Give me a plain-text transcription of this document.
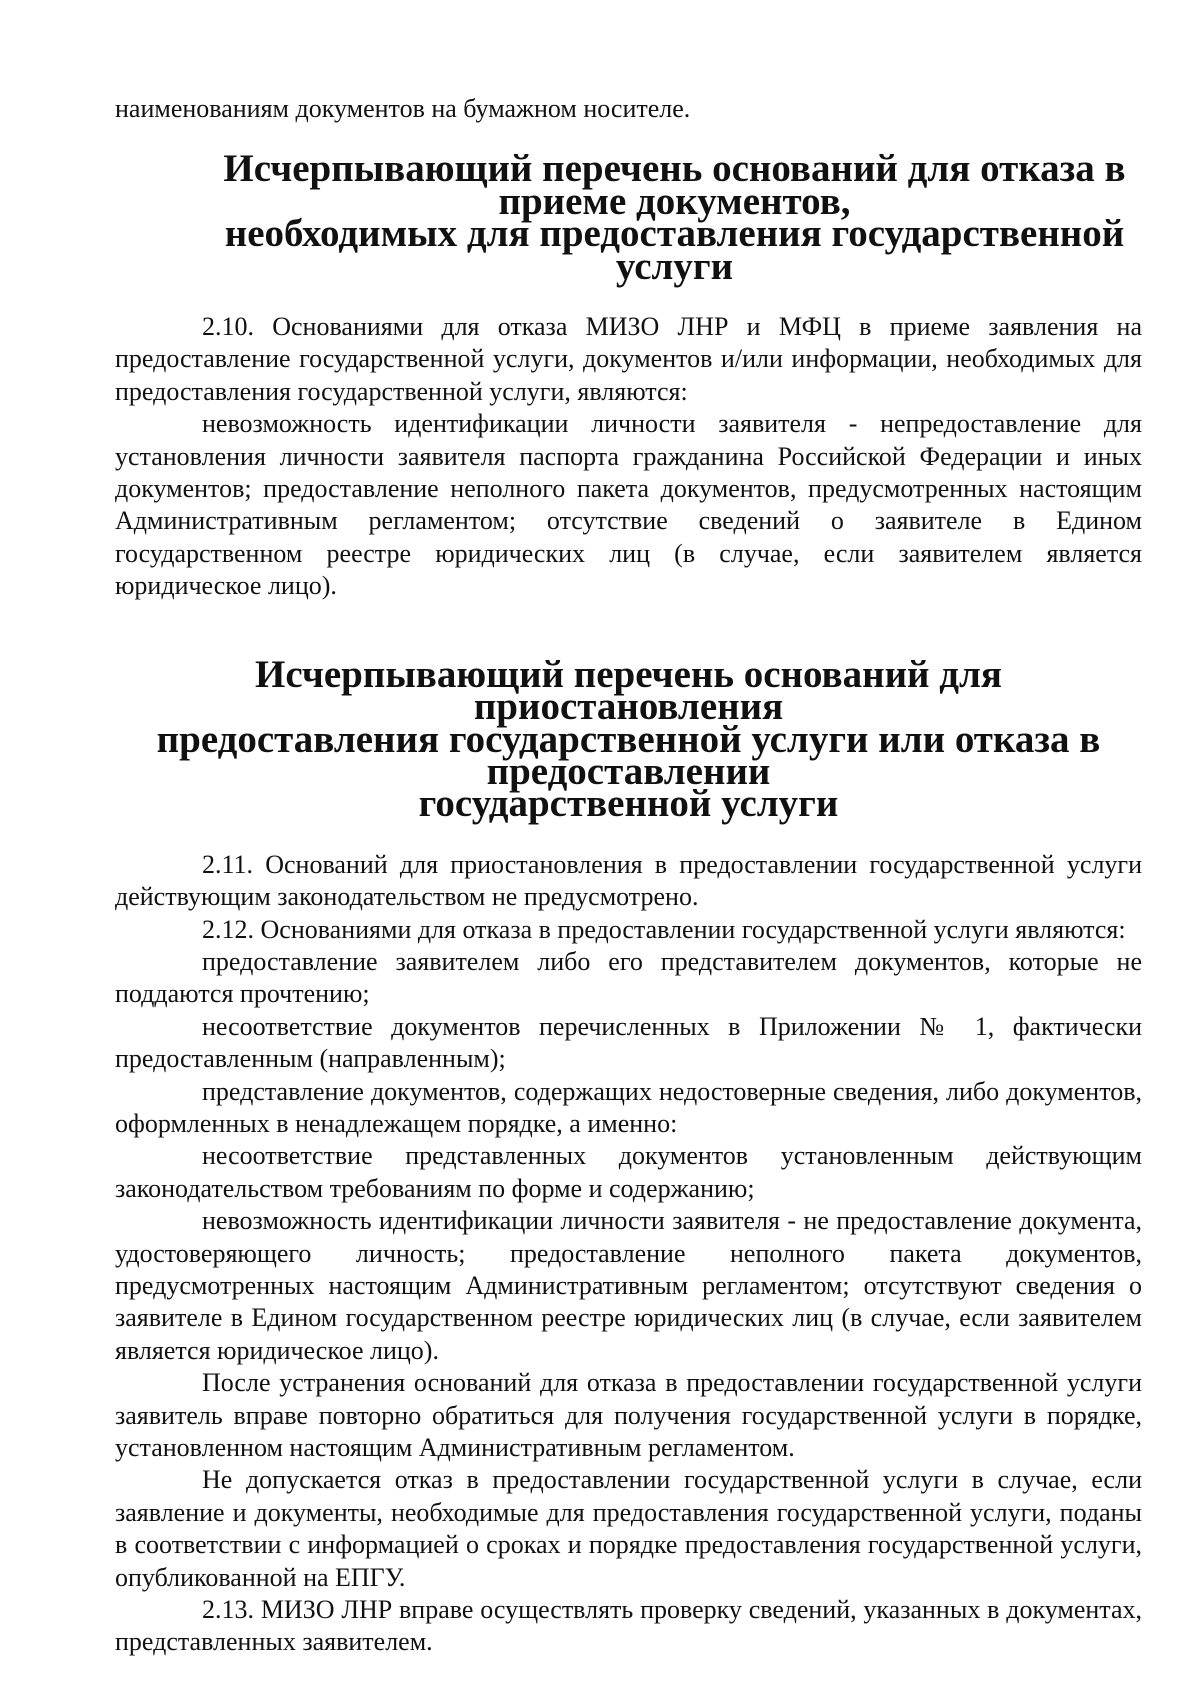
наименованиям документов на бумажном носителе.

Исчерпывающий перечень оснований для отказа в приеме документов,
необходимых для предоставления государственной услуги

2.10. Основаниями для отказа МИЗО ЛНР и МФЦ в приеме заявления на предоставление государственной услуги, документов и/или информации, необходимых для предоставления государственной услуги, являются:

невозможность идентификации личности заявителя - непредоставление для установления личности заявителя паспорта гражданина Российской Федерации и иных документов; предоставление неполного пакета документов, предусмотренных настоящим Административным регламентом; отсутствие сведений о заявителе в Едином государственном реестре юридических лиц (в случае, если заявителем является юридическое лицо).

Исчерпывающий перечень оснований для приостановления
предоставления государственной услуги или отказа в предоставлении
государственной услуги

2.11. Оснований для приостановления в предоставлении государственной услуги действующим законодательством не предусмотрено.

2.12. Основаниями для отказа в предоставлении государственной услуги являются:

предоставление заявителем либо его представителем документов, которые не поддаются прочтению;

несоответствие документов перечисленных в Приложении № 1, фактически предоставленным (направленным);

представление документов, содержащих недостоверные сведения, либо документов, оформленных в ненадлежащем порядке, а именно:

несоответствие представленных документов установленным действующим законодательством требованиям по форме и содержанию;

невозможность идентификации личности заявителя - не предоставление документа, удостоверяющего личность; предоставление неполного пакета документов, предусмотренных настоящим Административным регламентом; отсутствуют сведения о заявителе в Едином государственном реестре юридических лиц (в случае, если заявителем является юридическое лицо).

После устранения оснований для отказа в предоставлении государственной услуги заявитель вправе повторно обратиться для получения государственной услуги в порядке, установленном настоящим Административным регламентом.

Не допускается отказ в предоставлении государственной услуги в случае, если заявление и документы, необходимые для предоставления государственной услуги, поданы в соответствии с информацией о сроках и порядке предоставления государственной услуги, опубликованной на ЕПГУ.

2.13. МИЗО ЛНР вправе осуществлять проверку сведений, указанных в документах, представленных заявителем.
